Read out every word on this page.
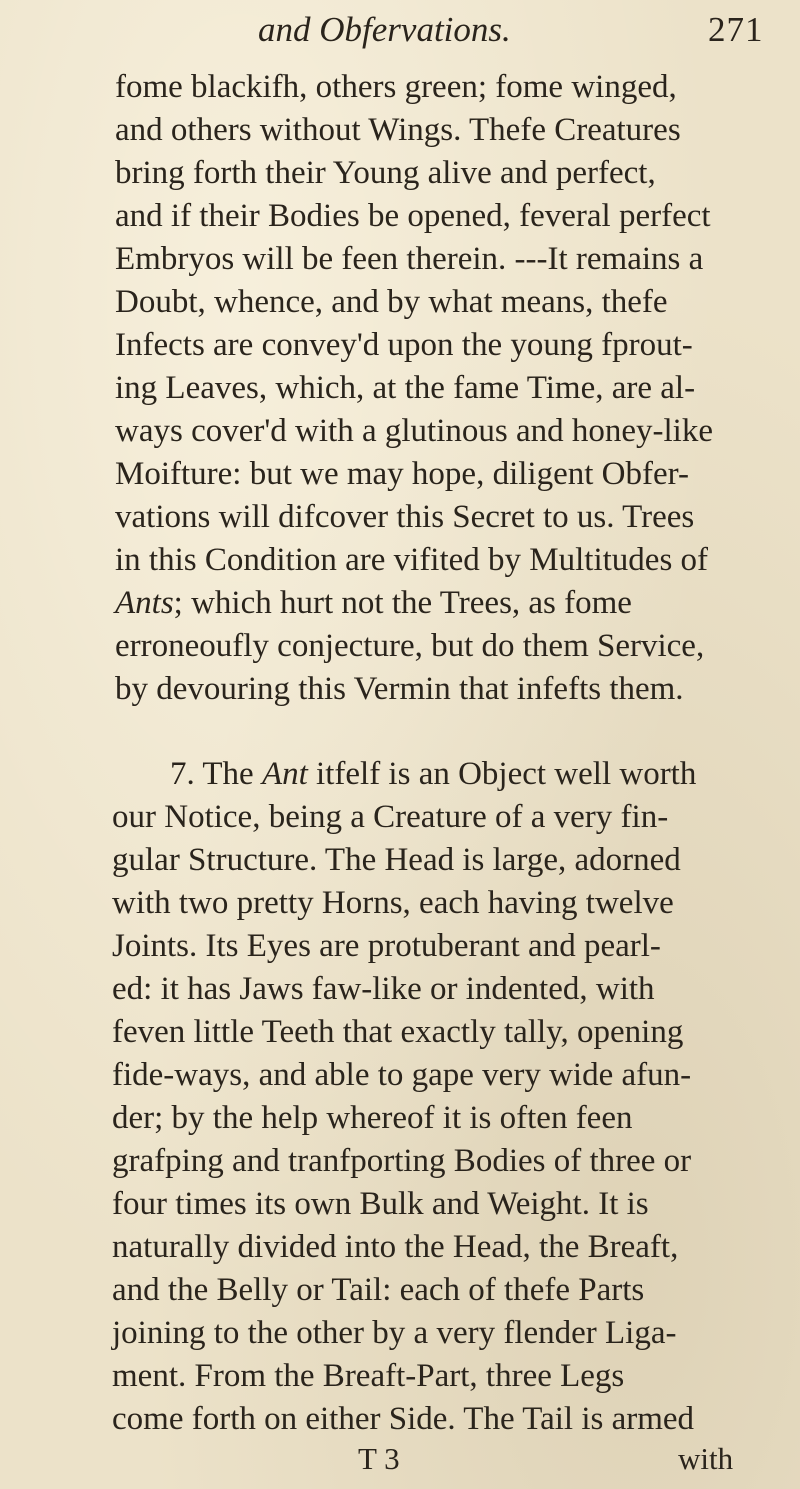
and Obfervations.	271
fome blackifh, others green; fome winged,
and others without Wings. Thefe Creatures
bring forth their Young alive and perfect,
and if their Bodies be opened, feveral perfect
Embryos will be feen therein. ---It remains a
Doubt, whence, and by what means, thefe
Infects are convey'd upon the young fprout-
ing Leaves, which, at the fame Time, are al-
ways cover'd with a glutinous and honey-like
Moifture: but we may hope, diligent Obfer-
vations will difcover this Secret to us. Trees
in this Condition are vifited by Multitudes of
Ants; which hurt not the Trees, as fome
erroneoufly conjecture, but do them Service,
by devouring this Vermin that infefts them.
7. The Ant itfelf is an Object well worth
our Notice, being a Creature of a very fin-
gular Structure. The Head is large, adorned
with two pretty Horns, each having twelve
Joints. Its Eyes are protuberant and pearl-
ed: it has Jaws faw-like or indented, with
feven little Teeth that exactly tally, opening
fide-ways, and able to gape very wide afun-
der; by the help whereof it is often feen
grafping and tranfporting Bodies of three or
four times its own Bulk and Weight. It is
naturally divided into the Head, the Breaft,
and the Belly or Tail: each of thefe Parts
joining to the other by a very flender Liga-
ment. From the Breaft-Part, three Legs
come forth on either Side. The Tail is armed
T 3	with
